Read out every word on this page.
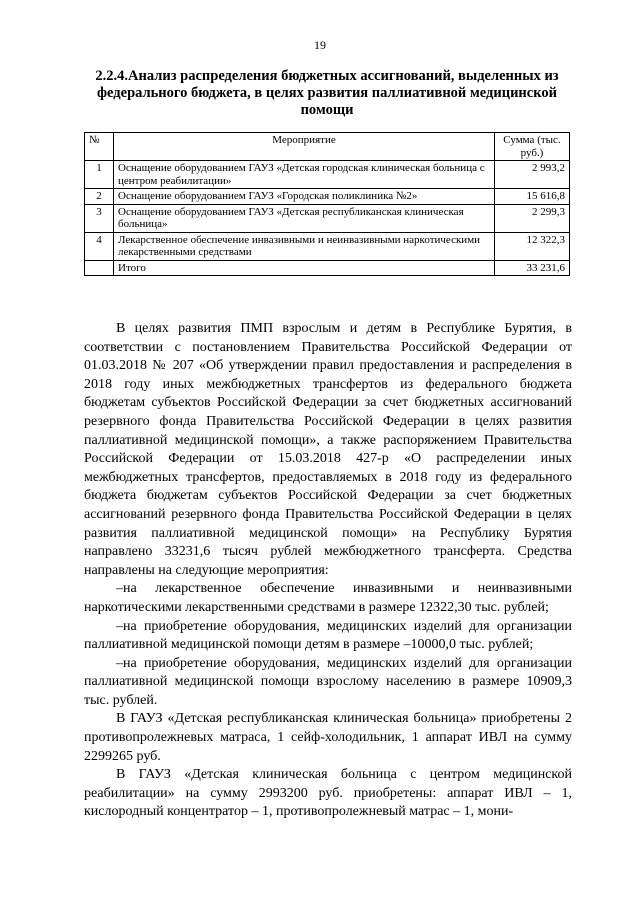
19
2.2.4.Анализ распределения бюджетных ассигнований, выделенных из федерального бюджета, в целях развития паллиативной медицинской помощи
№	Мероприятие	Сумма (тыс. руб.)
1	Оснащение оборудованием ГАУЗ «Детская городская клиническая больница с центром реабилитации»	2 993,2
2	Оснащение оборудованием ГАУЗ «Городская поликлиника №2»	15 616,8
3	Оснащение оборудованием ГАУЗ «Детская республиканская клиническая больница»	2 299,3
4	Лекарственное обеспечение инвазивными и неинвазивными наркотическими лекарственными средствами	12 322,3
	Итого	33 231,6

В целях развития ПМП взрослым и детям в Республике Бурятия, в соответствии с постановлением Правительства Российской Федерации от 01.03.2018 № 207 «Об утверждении правил предоставления и распределения в 2018 году иных межбюджетных трансфертов из федерального бюджета бюджетам субъектов Российской Федерации за счет бюджетных ассигнований резервного фонда Правительства Российской Федерации в целях развития паллиативной медицинской помощи», а также распоряжением Правительства Российской Федерации от 15.03.2018 427-р «О распределении иных межбюджетных трансфертов, предоставляемых в 2018 году из федерального бюджета бюджетам субъектов Российской Федерации за счет бюджетных ассигнований резервного фонда Правительства Российской Федерации в целях развития паллиативной медицинской помощи» на Республику Бурятия направлено 33231,6 тысяч рублей межбюджетного трансферта. Средства направлены на следующие мероприятия:

–на лекарственное обеспечение инвазивными и неинвазивными наркотическими лекарственными средствами в размере 12322,30 тыс. рублей;

–на приобретение оборудования, медицинских изделий для организации паллиативной медицинской помощи детям в размере –10000,0 тыс. рублей;

–на приобретение оборудования, медицинских изделий для организации паллиативной медицинской помощи взрослому населению в размере 10909,3 тыс. рублей.

В ГАУЗ «Детская республиканская клиническая больница» приобретены 2 противопролежневых матраса, 1 сейф-холодильник, 1 аппарат ИВЛ на сумму 2299265 руб.

В ГАУЗ «Детская клиническая больница с центром медицинской реабилитации» на сумму 2993200 руб. приобретены: аппарат ИВЛ – 1, кислородный концентратор – 1, противопролежневый матрас – 1, мони-
